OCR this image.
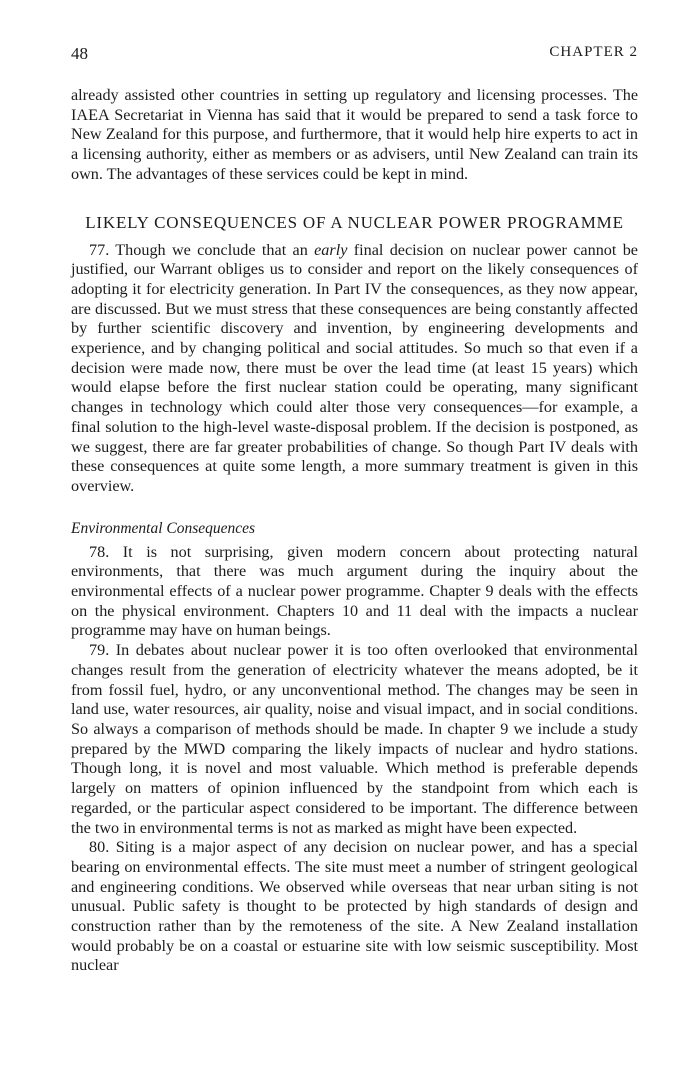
48	CHAPTER 2

already assisted other countries in setting up regulatory and licensing processes. The IAEA Secretariat in Vienna has said that it would be prepared to send a task force to New Zealand for this purpose, and furthermore, that it would help hire experts to act in a licensing authority, either as members or as advisers, until New Zealand can train its own. The advantages of these services could be kept in mind.

LIKELY CONSEQUENCES OF A NUCLEAR POWER PROGRAMME

77. Though we conclude that an early final decision on nuclear power cannot be justified, our Warrant obliges us to consider and report on the likely consequences of adopting it for electricity generation. In Part IV the consequences, as they now appear, are discussed. But we must stress that these consequences are being constantly affected by further scientific discovery and invention, by engineering developments and experience, and by changing political and social attitudes. So much so that even if a decision were made now, there must be over the lead time (at least 15 years) which would elapse before the first nuclear station could be operating, many significant changes in technology which could alter those very consequences—for example, a final solution to the high-level waste-disposal problem. If the decision is postponed, as we suggest, there are far greater probabilities of change. So though Part IV deals with these consequences at quite some length, a more summary treatment is given in this overview.

Environmental Consequences

78. It is not surprising, given modern concern about protecting natural environments, that there was much argument during the inquiry about the environmental effects of a nuclear power programme. Chapter 9 deals with the effects on the physical environment. Chapters 10 and 11 deal with the impacts a nuclear programme may have on human beings.

79. In debates about nuclear power it is too often overlooked that environmental changes result from the generation of electricity whatever the means adopted, be it from fossil fuel, hydro, or any unconventional method. The changes may be seen in land use, water resources, air quality, noise and visual impact, and in social conditions. So always a comparison of methods should be made. In chapter 9 we include a study prepared by the MWD comparing the likely impacts of nuclear and hydro stations. Though long, it is novel and most valuable. Which method is preferable depends largely on matters of opinion influenced by the standpoint from which each is regarded, or the particular aspect considered to be important. The difference between the two in environmental terms is not as marked as might have been expected.

80. Siting is a major aspect of any decision on nuclear power, and has a special bearing on environmental effects. The site must meet a number of stringent geological and engineering conditions. We observed while overseas that near urban siting is not unusual. Public safety is thought to be protected by high standards of design and construction rather than by the remoteness of the site. A New Zealand installation would probably be on a coastal or estuarine site with low seismic susceptibility. Most nuclear
